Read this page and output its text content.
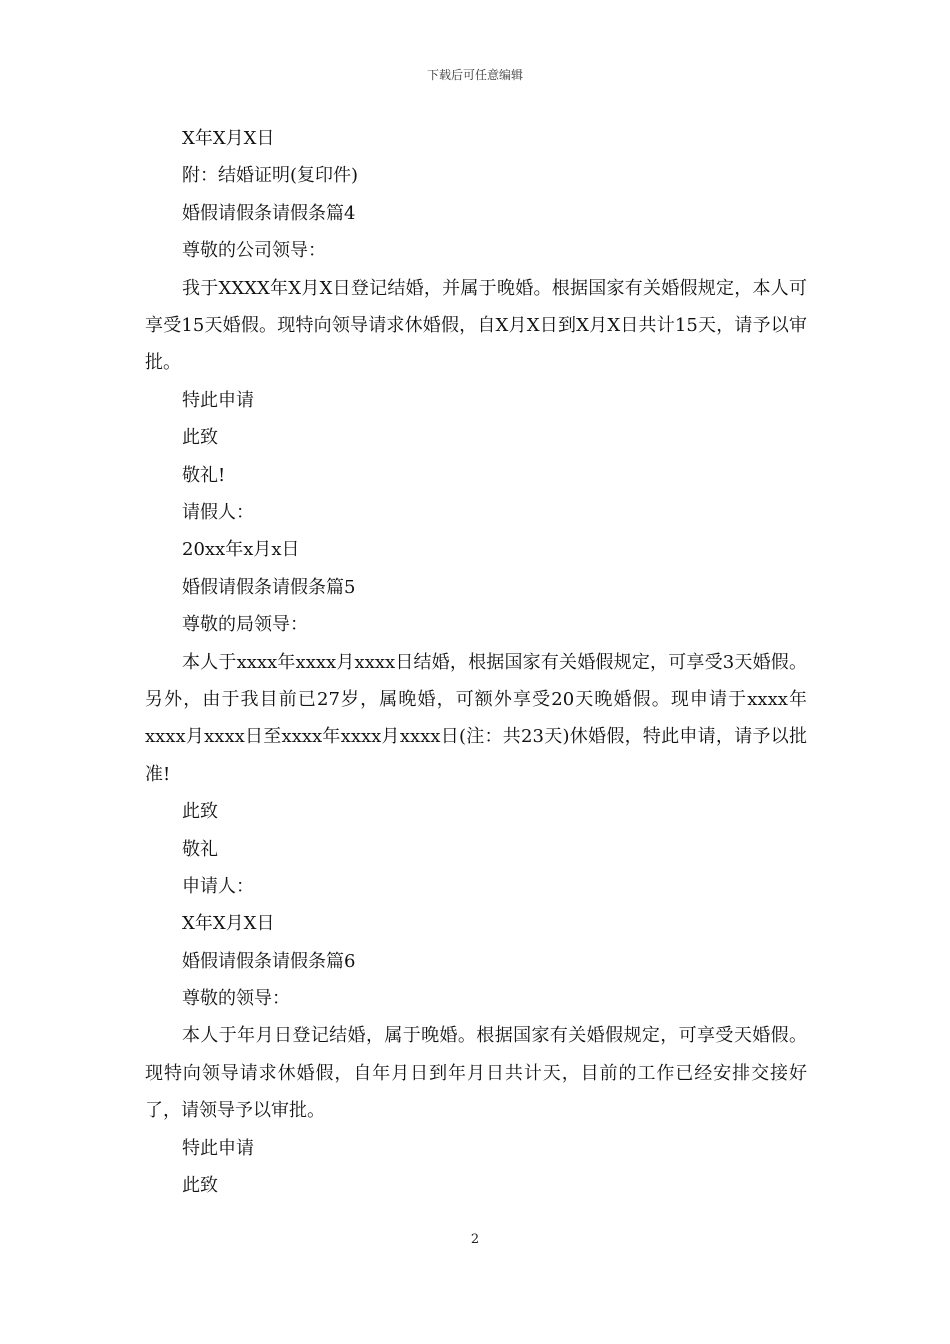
下载后可任意编辑
X年X月X日
附：结婚证明(复印件)
婚假请假条请假条篇4
尊敬的公司领导：

我于XXXX年X月X日登记结婚，并属于晚婚。根据国家有关婚假规定，本人可享受15天婚假。现特向领导请求休婚假，自X月X日到X月X日共计15天，请予以审批。

特此申请
此致
敬礼!
请假人：
20xx年x月x日
婚假请假条请假条篇5
尊敬的局领导：

本人于xxxx年xxxx月xxxx日结婚，根据国家有关婚假规定，可享受3天婚假。另外，由于我目前已27岁，属晚婚，可额外享受20天晚婚假。现申请于xxxx年xxxx月xxxx日至xxxx年xxxx月xxxx日(注：共23天)休婚假，特此申请，请予以批准!

此致
敬礼
申请人：
X年X月X日
婚假请假条请假条篇6
尊敬的领导：

本人于年月日登记结婚，属于晚婚。根据国家有关婚假规定，可享受天婚假。现特向领导请求休婚假，自年月日到年月日共计天，目前的工作已经安排交接好了，请领导予以审批。

特此申请
此致
2
